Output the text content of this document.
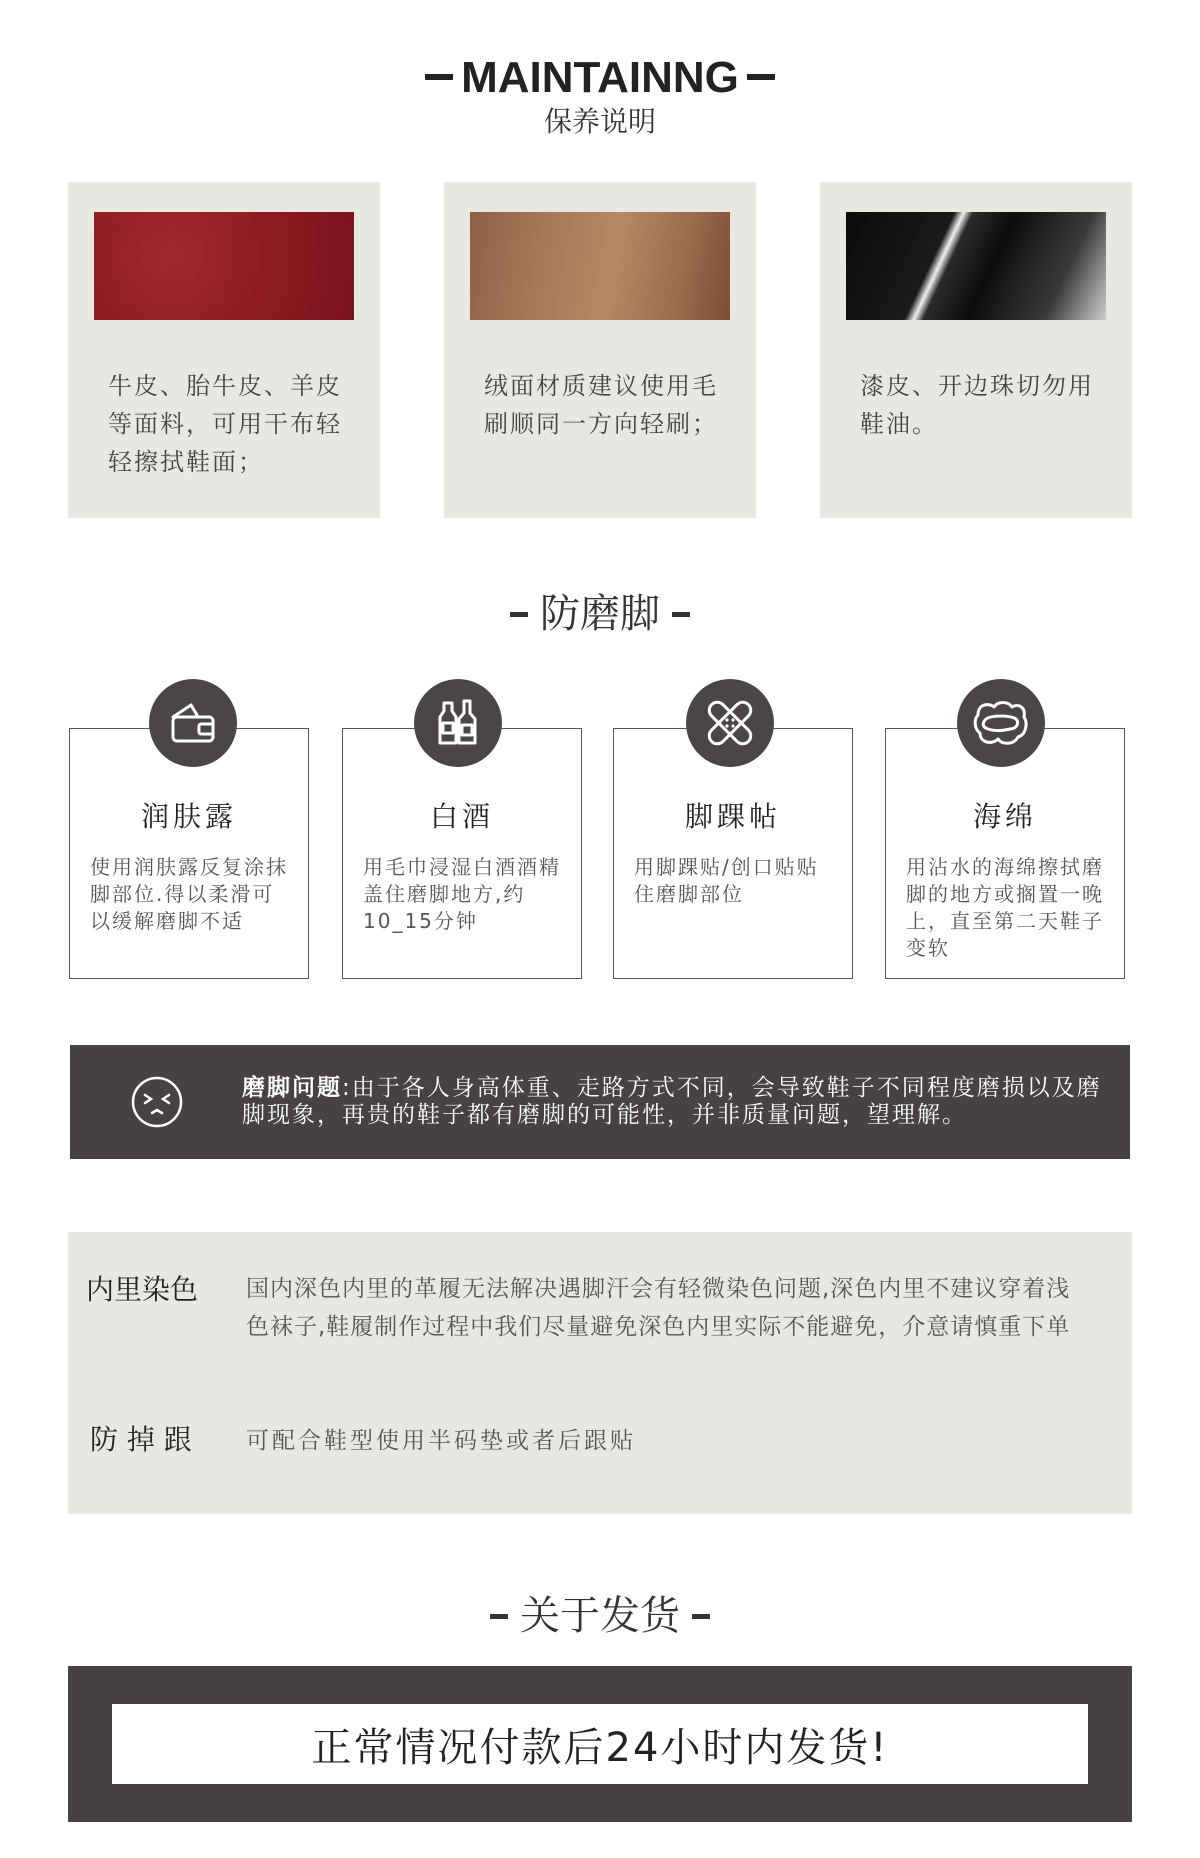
MAINTAINNG
保养说明
牛皮、胎牛皮、羊皮等面料，可用干布轻轻擦拭鞋面；
绒面材质建议使用毛刷顺同一方向轻刷；
漆皮、开边珠切勿用鞋油。
防磨脚
润肤露
使用润肤露反复涂抹脚部位.得以柔滑可以缓解磨脚不适
白酒
用毛巾浸湿白酒酒精盖住磨脚地方,约10_15分钟
脚踝帖
用脚踝贴/创口贴贴住磨脚部位
海绵
用沾水的海绵擦拭磨脚的地方或搁置一晚上，直至第二天鞋子变软
磨脚问题:由于各人身高体重、走路方式不同，会导致鞋子不同程度磨损以及磨脚现象，再贵的鞋子都有磨脚的可能性，并非质量问题，望理解。
内里染色 国内深色内里的革履无法解决遇脚汗会有轻微染色问题,深色内里不建议穿着浅色袜子,鞋履制作过程中我们尽量避免深色内里实际不能避免，介意请慎重下单
防 掉 跟 可配合鞋型使用半码垫或者后跟贴
关于发货
正常情况付款后24小时内发货!
